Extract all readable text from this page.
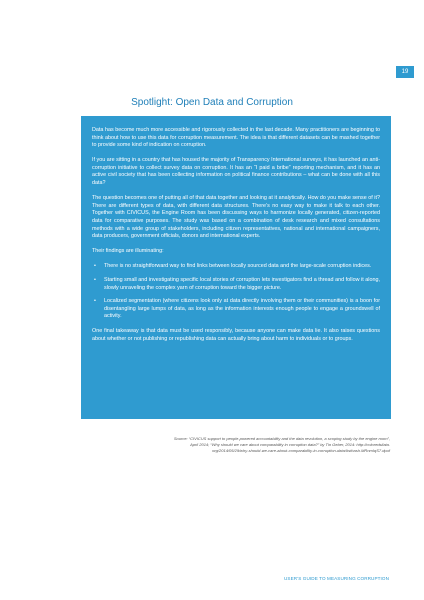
19
Spotlight: Open Data and Corruption

Data has become much more accessible and rigorously collected in the last decade. Many practitioners are beginning to think about how to use this data for corruption measurement. The idea is that different datasets can be mashed together to provide some kind of indication on corruption.

If you are sitting in a country that has housed the majority of Transparency International surveys, it has launched an anti-corruption initiative to collect survey data on corruption. It has an “I paid a bribe” reporting mechanism, and it has an active civil society that has been collecting information on political finance contributions – what can be done with all this data?

The question becomes one of putting all of that data together and looking at it analytically. How do you make sense of it? There are different types of data, with different data structures. There’s no easy way to make it talk to each other. Together with CIVICUS, the Engine Room has been discussing ways to harmonize locally generated, citizen-reported data for comparative purposes. The study was based on a combination of desk research and mixed consultations methods with a wide group of stakeholders, including citizen representatives, national and international campaigners, data producers, government officials, donors and international experts.

Their findings are illuminating:

• There is no straightforward way to find links between locally sourced data and the large-scale corruption indices.
• Starting small and investigating specific local stories of corruption lets investigators find a thread and follow it along, slowly unraveling the complex yarn of corruption toward the bigger picture.
• Localized segmentation (where citizens look only at data directly involving them or their communities) is a boon for disentangling large lumps of data, as long as the information interests enough people to engage a groundswell of activity.

One final takeaway is that data must be used responsibly, because anyone can make data lie. It also raises questions about whether or not publishing or republishing data can actually bring about harm to individuals or to groups.

Source: “CIVICUS support to people-powered accountability and the data revolution, a scoping study by the engine room”,
April 2014; “Why should we care about comparability in corruption data?” by Tin Geber, 2014: http://coloredsilata.
org/2014/05/29/why-should-we-care-about-comparability-in-corruption-data/#sthash.MRnmIqS7.dpuf
USER’S GUIDE TO MEASURING CORRUPTION
